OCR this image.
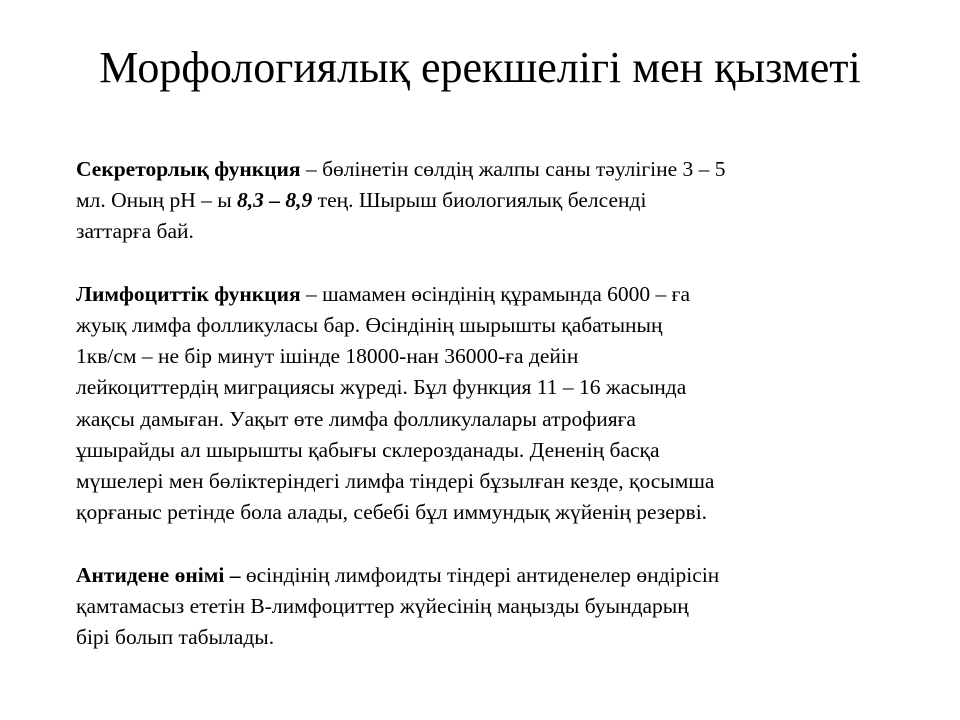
Морфологиялық ерекшелігі мен қызметі

Секреторлық функция – бөлінетін сөлдің жалпы саны тәулігіне 3 – 5
мл. Оның pH – ы 8,3 – 8,9 тең. Шырыш биологиялық белсенді
заттарға бай.

Лимфоциттік функция – шамамен өсіндінің құрамында 6000 – ға
жуық лимфа фолликуласы бар. Өсіндінің шырышты қабатының
1кв/см – не бір минут ішінде 18000-нан 36000-ға дейін
лейкоциттердің миграциясы жүреді. Бұл функция 11 – 16 жасында
жақсы дамыған. Уақыт өте лимфа фолликулалары атрофияға
ұшырайды ал шырышты қабығы склерозданады. Дененің басқа
мүшелері мен бөліктеріндегі лимфа тіндері бұзылған кезде, қосымша
қорғаныс ретінде бола алады, себебі бұл иммундық жүйенің резерві.

Антидене өнімі – өсіндінің лимфоидты тіндері антиденелер өндірісін
қамтамасыз ететін В-лимфоциттер жүйесінің маңызды буындарың
бірі болып табылады.
